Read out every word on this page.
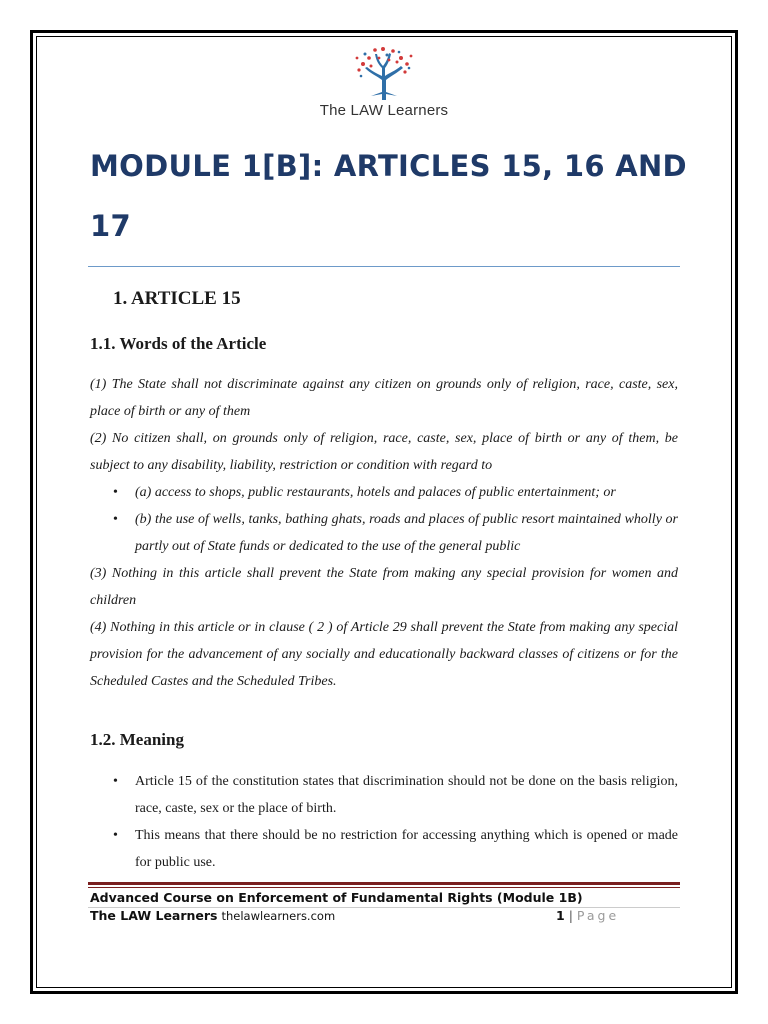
The LAW Learners
MODULE 1[B]: ARTICLES 15, 16 AND 17
1. ARTICLE 15
1.1. Words of the Article

(1) The State shall not discriminate against any citizen on grounds only of religion, race, caste, sex, place of birth or any of them

(2) No citizen shall, on grounds only of religion, race, caste, sex, place of birth or any of them, be subject to any disability, liability, restriction or condition with regard to

• (a) access to shops, public restaurants, hotels and palaces of public entertainment; or
• (b) the use of wells, tanks, bathing ghats, roads and places of public resort maintained wholly or partly out of State funds or dedicated to the use of the general public

(3) Nothing in this article shall prevent the State from making any special provision for women and children

(4) Nothing in this article or in clause ( 2 ) of Article 29 shall prevent the State from making any special provision for the advancement of any socially and educationally backward classes of citizens or for the Scheduled Castes and the Scheduled Tribes.

1.2. Meaning
• Article 15 of the constitution states that discrimination should not be done on the basis religion, race, caste, sex or the place of birth.
• This means that there should be no restriction for accessing anything which is opened or made for public use.
Advanced Course on Enforcement of Fundamental Rights (Module 1B)
The LAW Learners thelawlearners.com	1 | Page
